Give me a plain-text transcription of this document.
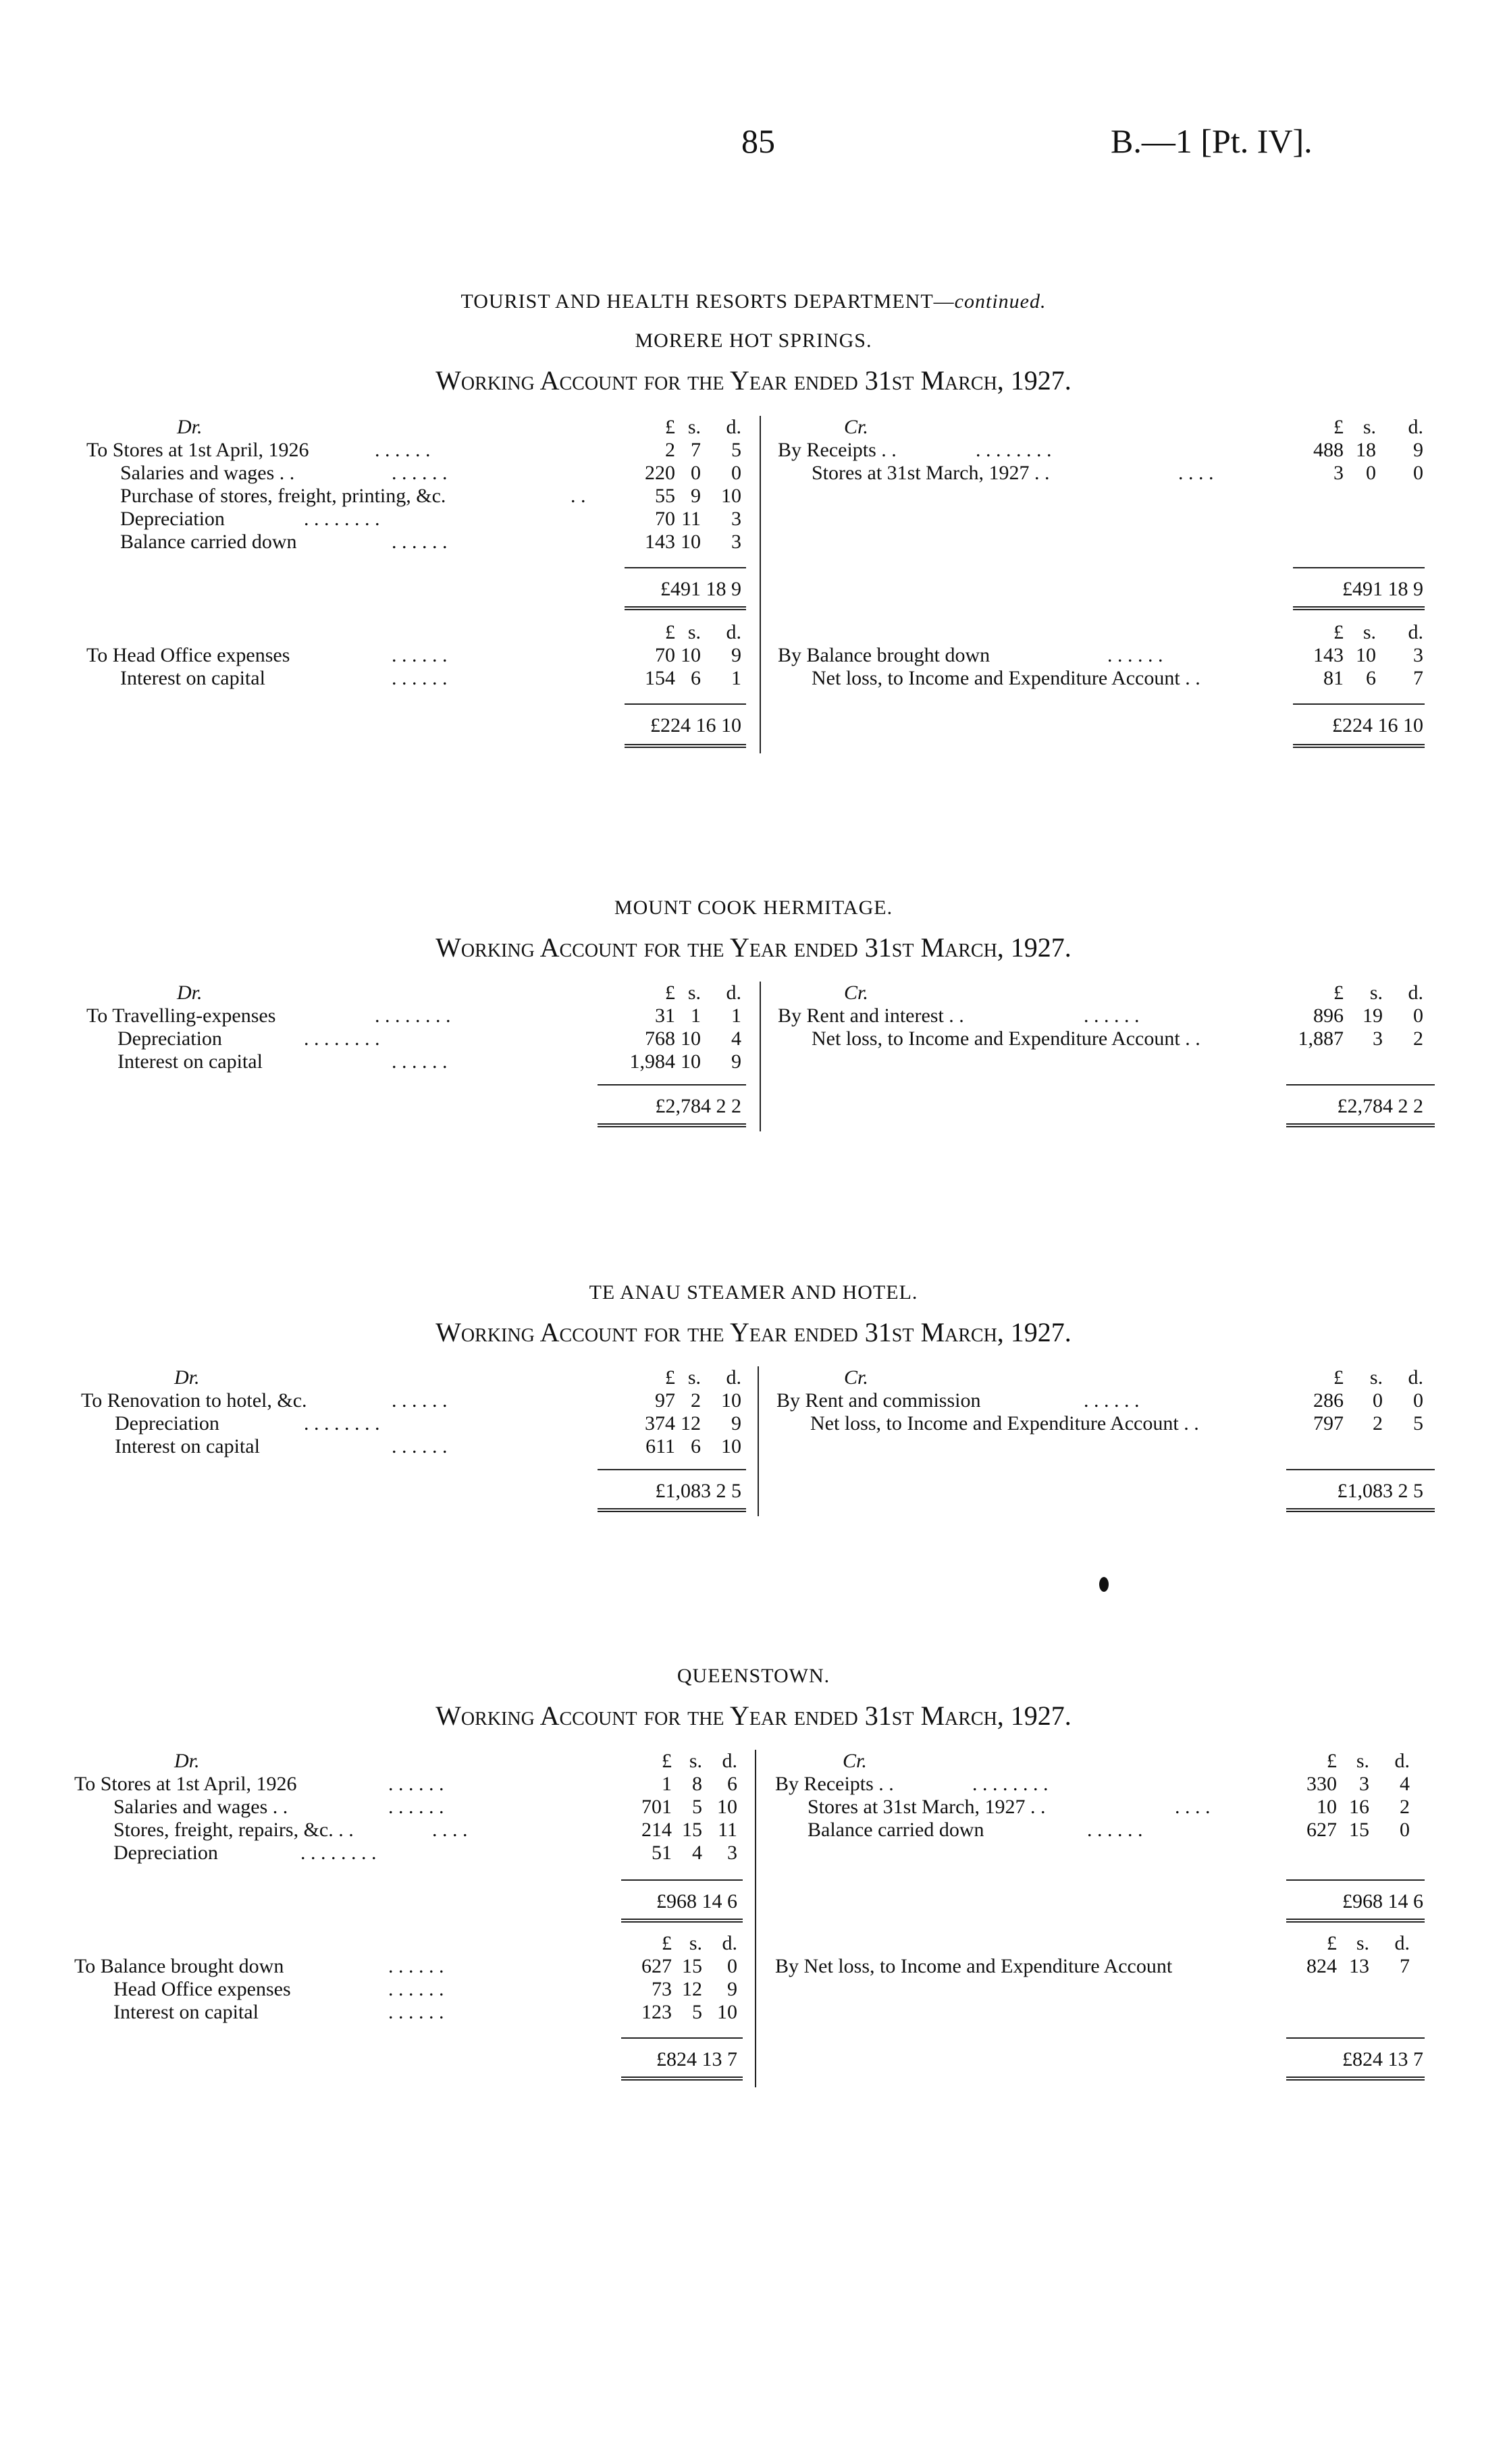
85	B.—1 [Pt. IV].
TOURIST AND HEALTH RESORTS DEPARTMENT—continued.
MORERE HOT SPRINGS.
Working Account for the Year ended 31st March, 1927.
Dr.	£ s.	d.	Cr.	£ s.	d.
To Stores at 1st April, 1926	. . . . . .	2 7	5
Salaries and wages . .	. . . . . .	220 0	0
Purchase of stores, freight, printing, &c.	. .	55 9	10
Depreciation	. . . . . . . .	70 11	3
Balance carried down	. . . . . .	143 10	3
By Receipts . .	. . . . . . . .	488 18	9
Stores at 31st March, 1927 . .	. . . .	3	0	0
£491 18 9	£491 18 9
£ s.	d.	£ s.	d.
To Head Office expenses	. . . . . .	70 10	9
Interest on capital	. . . . . .	154 6	1
By Balance brought down	. . . . . .	143 10	3
Net loss, to Income and Expenditure Account . .	81	6	7
£224 16 10	£224 16 10
MOUNT COOK HERMITAGE.
Working Account for the Year ended 31st March, 1927.
Dr.	£ s.	d.	Cr.	£	s.	d.
To Travelling-expenses	. . . . . . . .	31 1	1
Depreciation	. . . . . . . .	768 10	4
Interest on capital	. . . . . .	1,984 10	9
By Rent and interest . .	. . . . . .	896 19	0
Net loss, to Income and Expenditure Account . .	1,887	3	2
£2,784 2 2	£2,784 2 2
TE ANAU STEAMER AND HOTEL.
Working Account for the Year ended 31st March, 1927.
Dr.	£ s.	d.	Cr.	£	s.	d.
To Renovation to hotel, &c.	. . . . . .	97 2	10
Depreciation	. . . . . . . .	374 12	9
Interest on capital	. . . . . .	611 6	10
By Rent and commission	. . . . . .	286	0	0
Net loss, to Income and Expenditure Account . .	797	2	5
£1,083 2 5	£1,083 2 5
QUEENSTOWN.
Working Account for the Year ended 31st March, 1927.
Dr.	£ s. d.	Cr.	£ s.	d.
To Stores at 1st April, 1926	. . . . . .	1	8	6
Salaries and wages . .	. . . . . .	701	5 10
Stores, freight, repairs, &c. . .	. . . .	214 15 11
Depreciation	. . . . . . . .	51	4	3
By Receipts . .	. . . . . . . .	330	3	4
Stores at 31st March, 1927 . .	. . . .	10 16	2
Balance carried down	. . . . . .	627 15	0
£968 14 6	£968 14 6
£ s. d.	£ s.	d.
To Balance brought down	. . . . . .	627 15	0
Head Office expenses	. . . . . .	73 12	9
Interest on capital	. . . . . .	123	5 10
By Net loss, to Income and Expenditure Account	824 13	7
£824 13 7	£824 13 7
